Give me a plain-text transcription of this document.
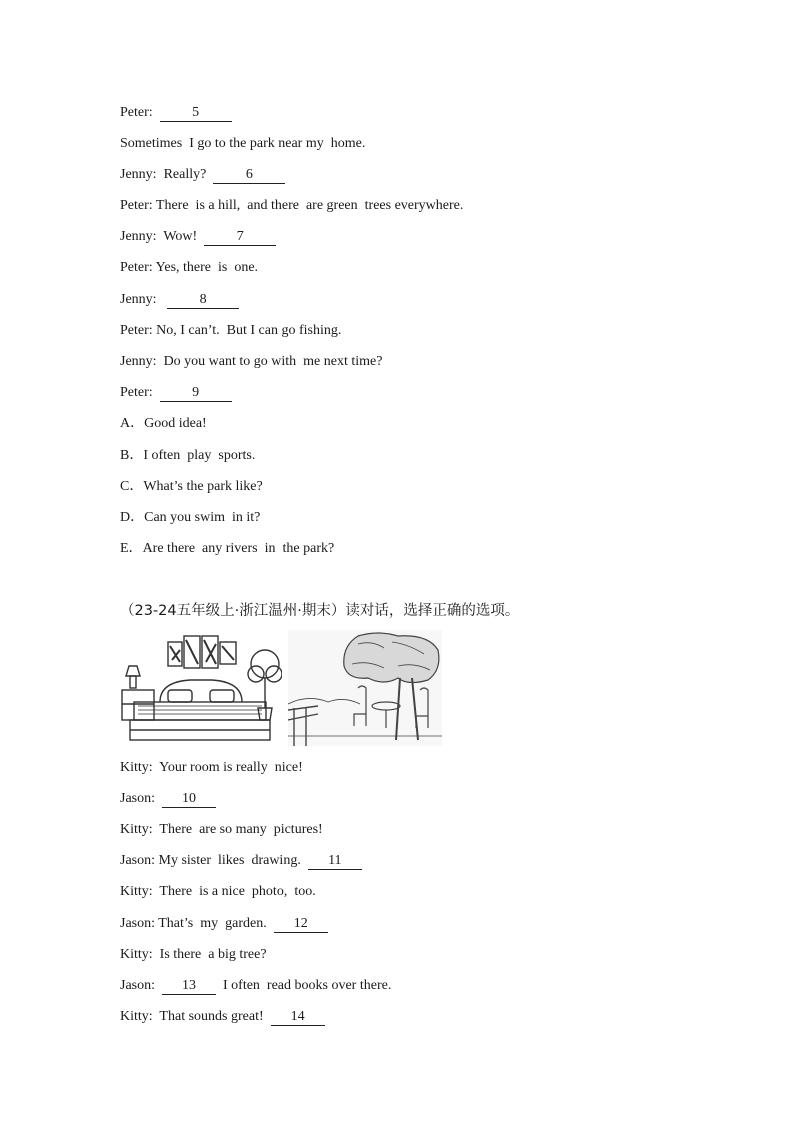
Peter:	5
Sometimes  I go to the park near my  home.
Jenny: Really?	6
Peter: There  is a hill,  and there  are green  trees everywhere.
Jenny: Wow!	7
Peter: Yes, there  is  one.
Jenny:	8
Peter: No, I can’t.  But I can go fishing.
Jenny: Do you want to go with  me next time?
Peter:	9
A．Good idea!
B．I often  play  sports.
C．What’s the park like?
D．Can you swim  in it?
E．Are there  any rivers  in  the park?
（23-24五年级上·浙江温州·期末）读对话，选择正确的选项。
Kitty: Your room is really  nice!
Jason: 10
Kitty: There  are so many  pictures!
Jason: My sister  likes  drawing. 11
Kitty: There  is a nice  photo,  too.
Jason: That’s  my  garden. 12
Kitty: Is there  a big tree?
Jason: 13 I often  read books over there.
Kitty: That sounds great! 14
